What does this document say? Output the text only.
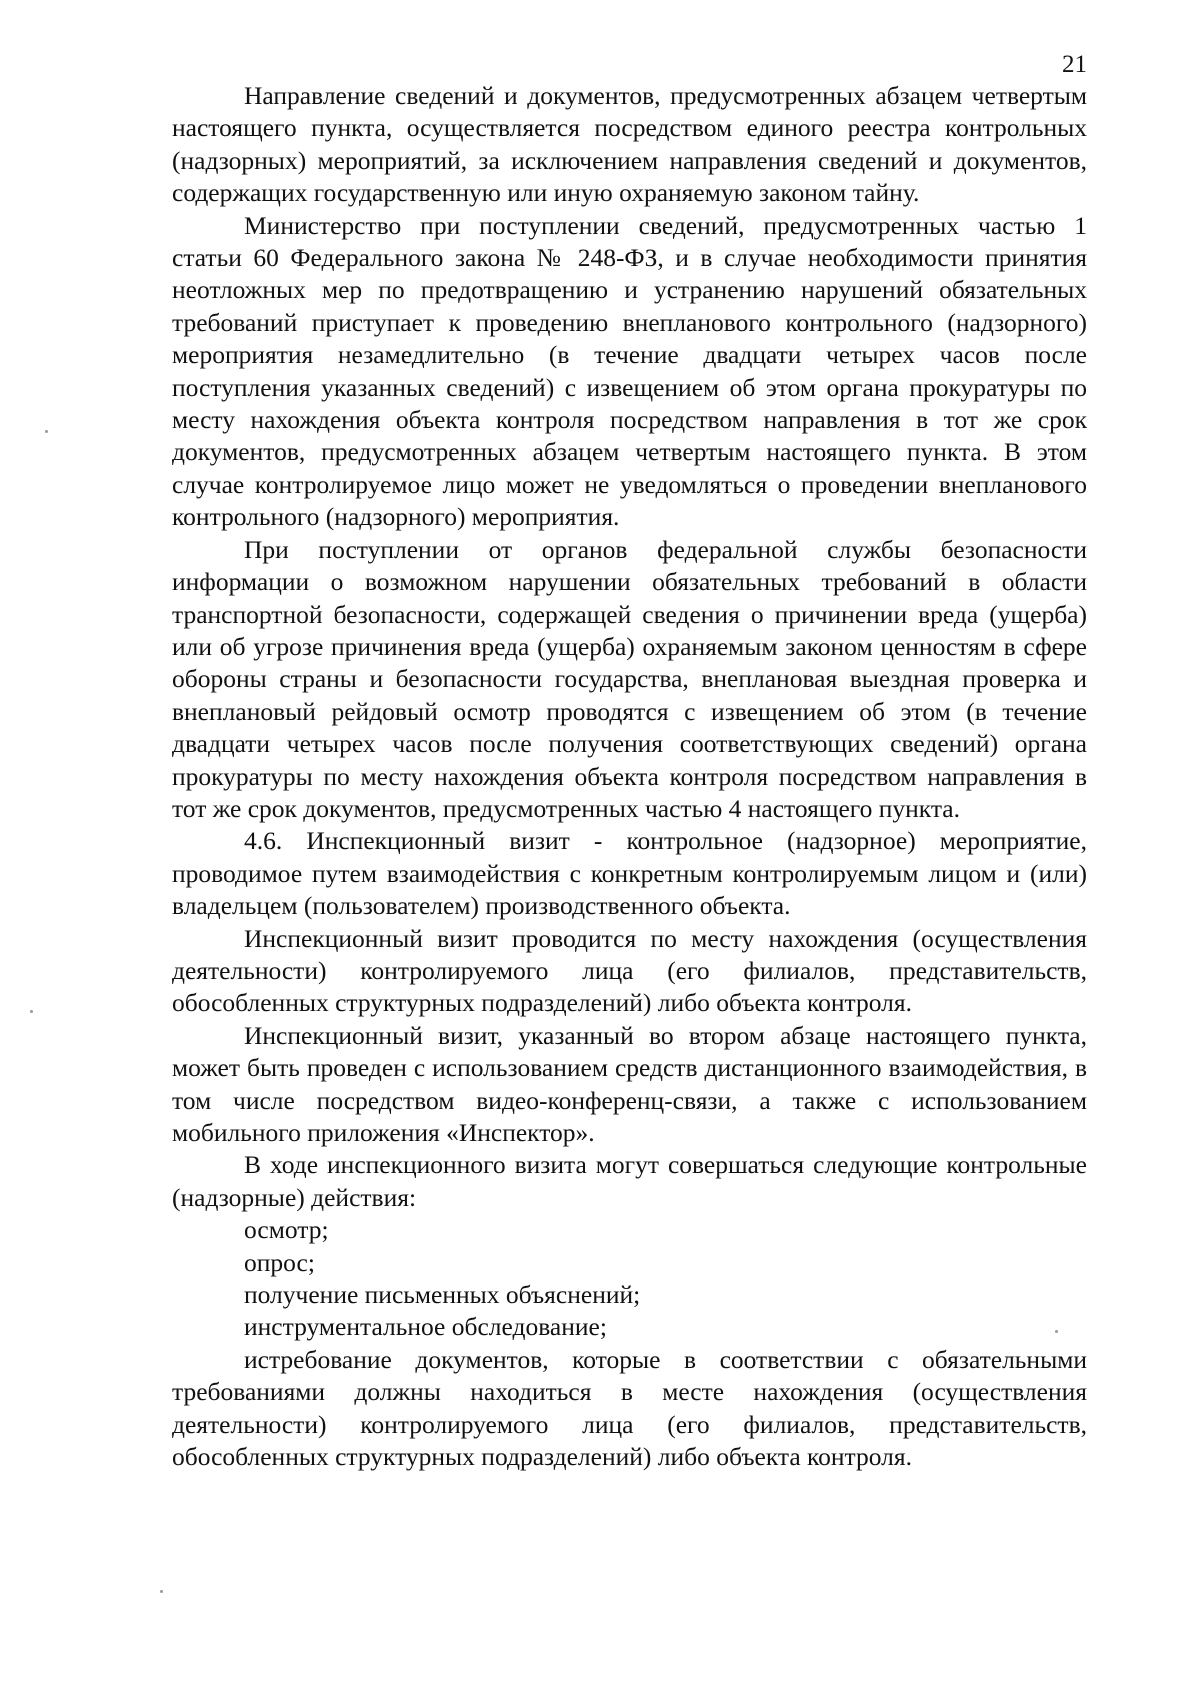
21

Направление сведений и документов, предусмотренных абзацем четвертым настоящего пункта, осуществляется посредством единого реестра контрольных (надзорных) мероприятий, за исключением направления сведений и документов, содержащих государственную или иную охраняемую законом тайну.

Министерство при поступлении сведений, предусмотренных частью 1 статьи 60 Федерального закона № 248-ФЗ, и в случае необходимости принятия неотложных мер по предотвращению и устранению нарушений обязательных требований приступает к проведению внепланового контрольного (надзорного) мероприятия незамедлительно (в течение двадцати четырех часов после поступления указанных сведений) с извещением об этом органа прокуратуры по месту нахождения объекта контроля посредством направления в тот же срок документов, предусмотренных абзацем четвертым настоящего пункта. В этом случае контролируемое лицо может не уведомляться о проведении внепланового контрольного (надзорного) мероприятия.

При поступлении от органов федеральной службы безопасности информации о возможном нарушении обязательных требований в области транспортной безопасности, содержащей сведения о причинении вреда (ущерба) или об угрозе причинения вреда (ущерба) охраняемым законом ценностям в сфере обороны страны и безопасности государства, внеплановая выездная проверка и внеплановый рейдовый осмотр проводятся с извещением об этом (в течение двадцати четырех часов после получения соответствующих сведений) органа прокуратуры по месту нахождения объекта контроля посредством направления в тот же срок документов, предусмотренных частью 4 настоящего пункта.

4.6. Инспекционный визит - контрольное (надзорное) мероприятие, проводимое путем взаимодействия с конкретным контролируемым лицом и (или) владельцем (пользователем) производственного объекта.

Инспекционный визит проводится по месту нахождения (осуществления деятельности) контролируемого лица (его филиалов, представительств, обособленных структурных подразделений) либо объекта контроля.

Инспекционный визит, указанный во втором абзаце настоящего пункта, может быть проведен с использованием средств дистанционного взаимодействия, в том числе посредством видео-конференц-связи, а также с использованием мобильного приложения «Инспектор».

В ходе инспекционного визита могут совершаться следующие контрольные (надзорные) действия:

осмотр;

опрос;

получение письменных объяснений;

инструментальное обследование;

истребование документов, которые в соответствии с обязательными требованиями должны находиться в месте нахождения (осуществления деятельности) контролируемого лица (его филиалов, представительств, обособленных структурных подразделений) либо объекта контроля.
